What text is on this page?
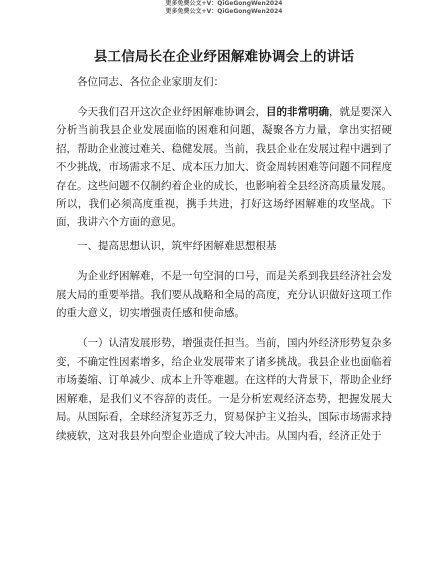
更多免费公文+V：QiGeGongWen2024
更多免费公文+V：QiGeGongWen2024
县工信局长在企业纾困解难协调会上的讲话
各位同志、各位企业家朋友们：

今天我们召开这次企业纾困解难协调会，目的非常明确，就是要深入分析当前我县企业发展面临的困难和问题，凝聚各方力量，拿出实招硬招，帮助企业渡过难关、稳健发展。当前，我县企业在发展过程中遇到了不少挑战，市场需求不足、成本压力加大、资金周转困难等问题不同程度存在。这些问题不仅制约着企业的成长，也影响着全县经济高质量发展。所以，我们必须高度重视，携手共进，打好这场纾困解难的攻坚战。下面，我讲六个方面的意见。

一、提高思想认识，筑牢纾困解难思想根基

为企业纾困解难，不是一句空洞的口号，而是关系到我县经济社会发展大局的重要举措。我们要从战略和全局的高度，充分认识做好这项工作的重大意义，切实增强责任感和使命感。

（一）认清发展形势，增强责任担当。当前，国内外经济形势复杂多变，不确定性因素增多，给企业发展带来了诸多挑战。我县企业也面临着市场萎缩、订单减少、成本上升等难题。在这样的大背景下，帮助企业纾困解难，是我们义不容辞的责任。一是分析宏观经济态势，把握发展大局。从国际看，全球经济复苏乏力，贸易保护主义抬头，国际市场需求持续疲软，这对我县外向型企业造成了较大冲击。从国内看，经济正处于
